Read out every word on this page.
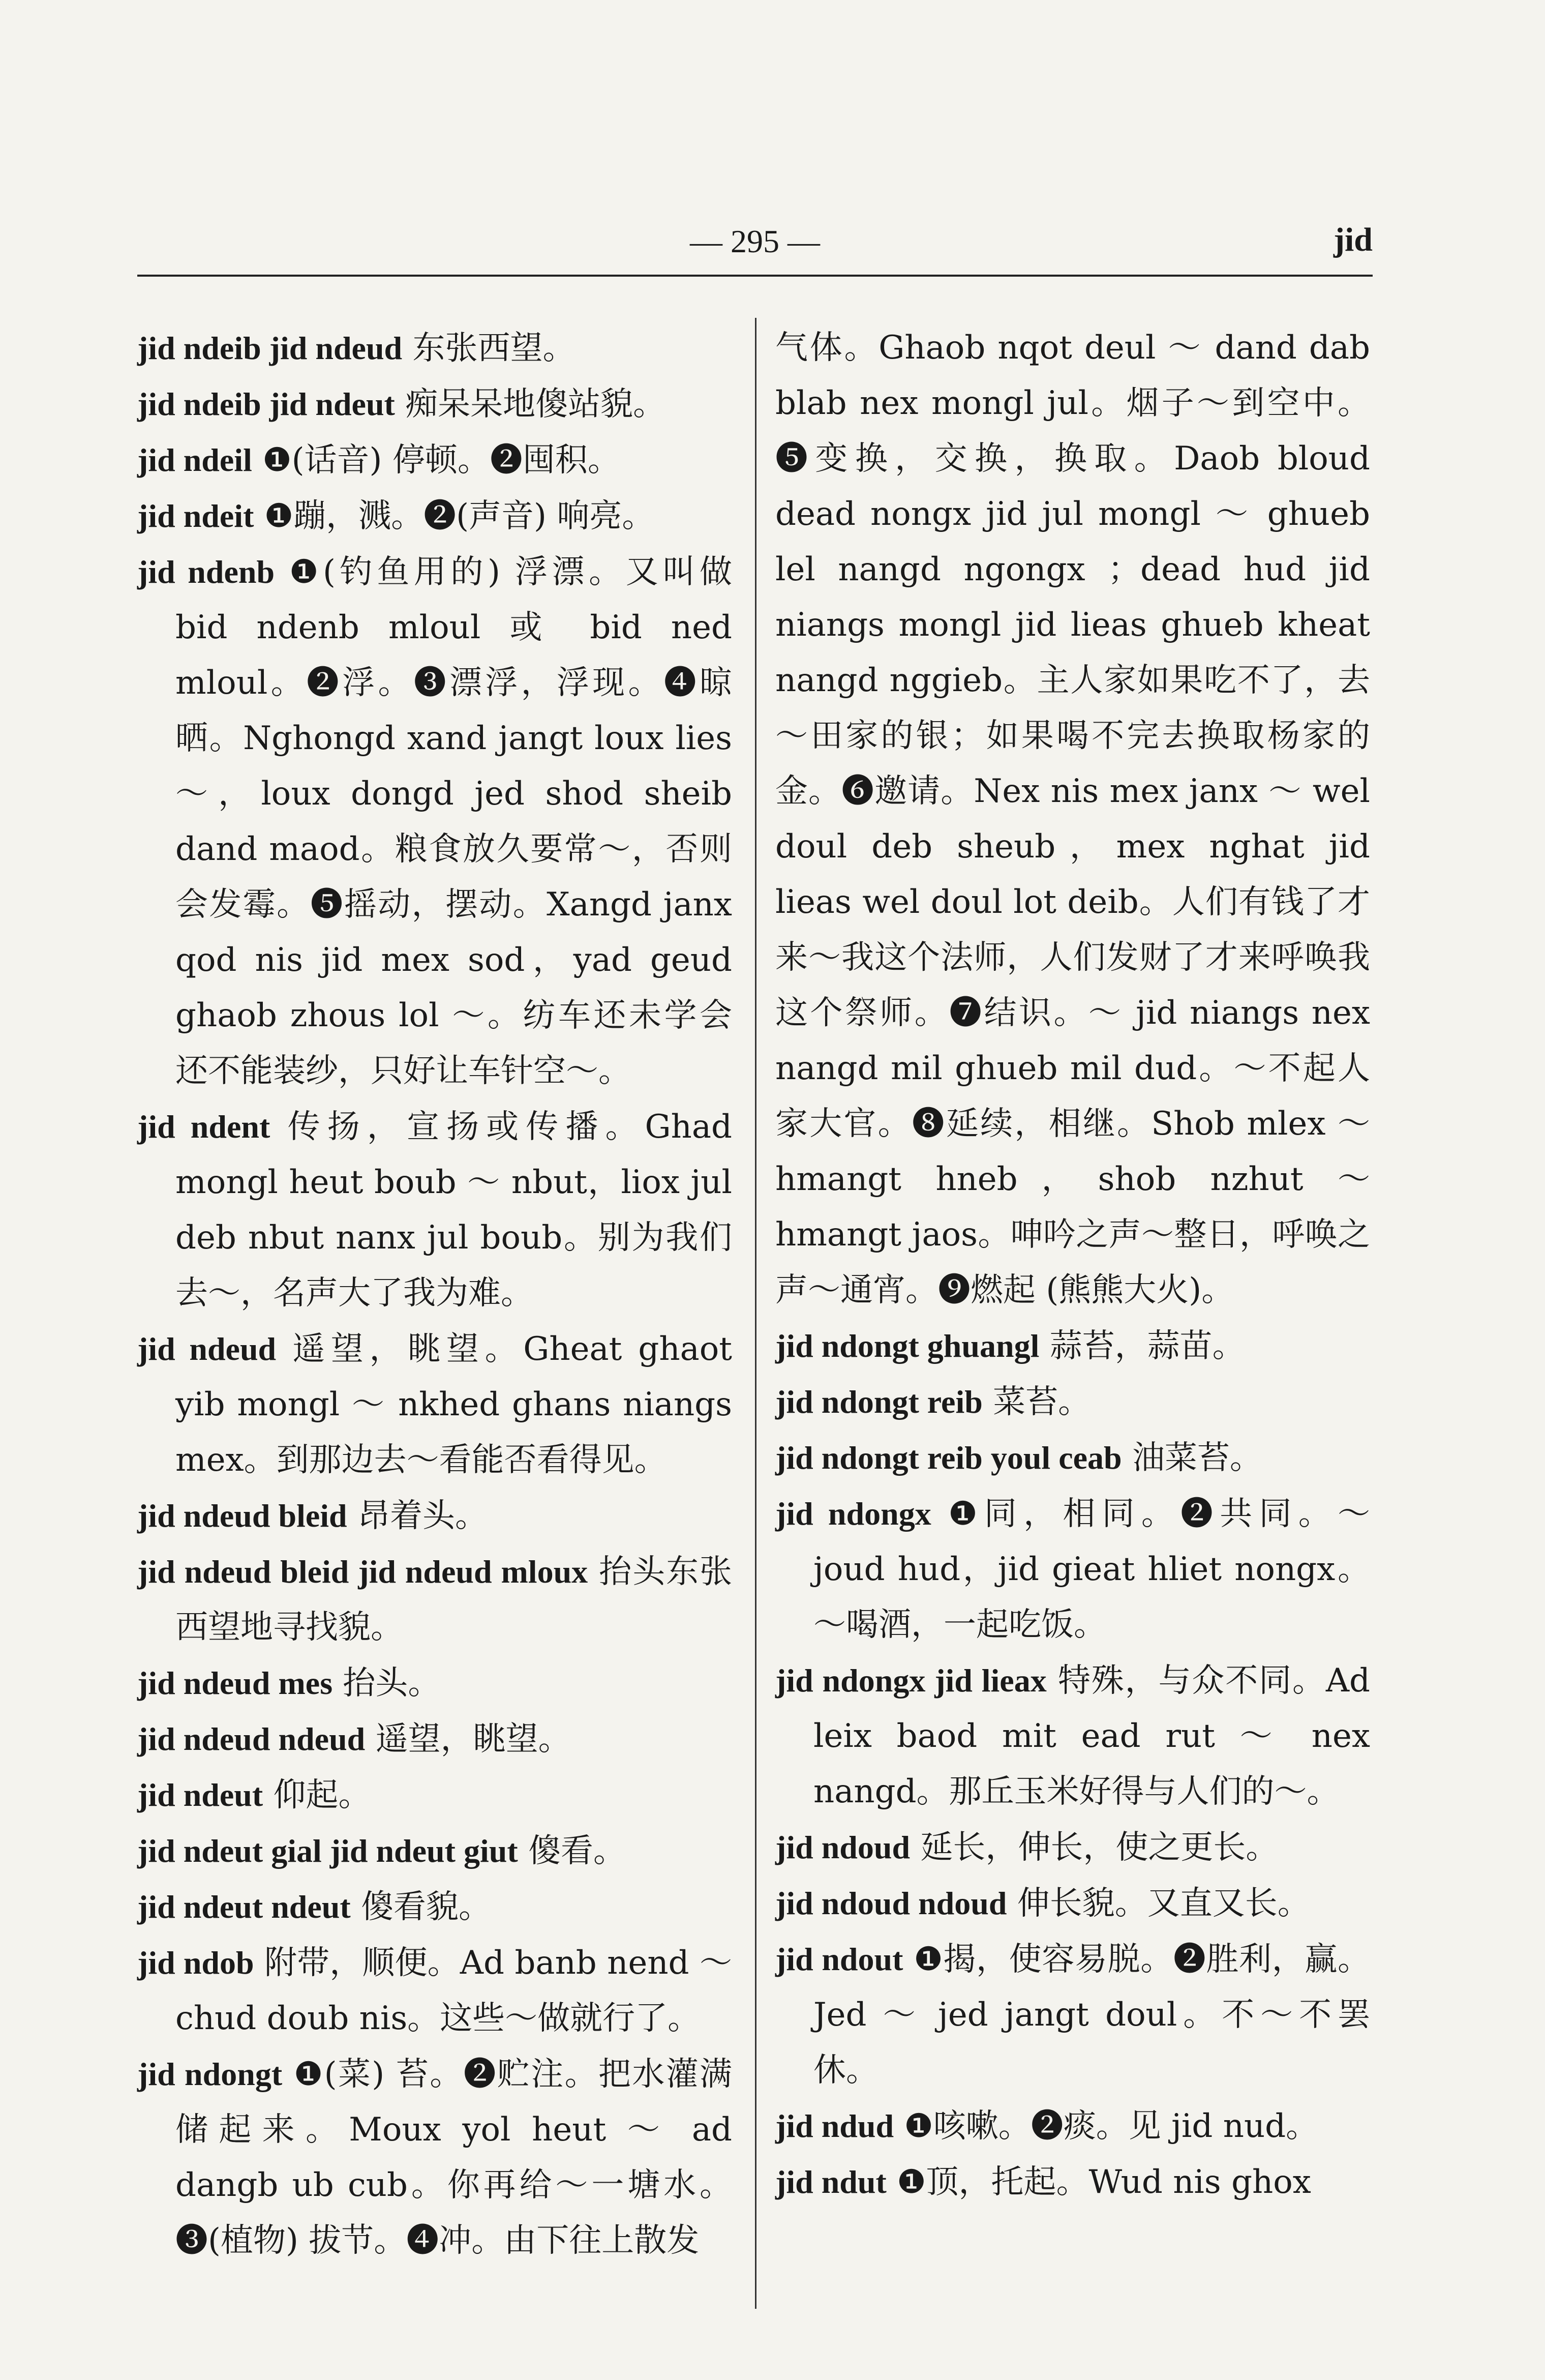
— 295 —	jid

jid ndeib jid ndeud 东张西望。

jid ndeib jid ndeut 痴呆呆地傻站貌。

jid ndeil ❶(话音) 停顿。❷囤积。

jid ndeit ❶蹦，溅。❷(声音) 响亮。

jid ndenb ❶(钓鱼用的) 浮漂。又叫做 bid ndenb mloul 或 bid ned mloul。❷浮。❸漂浮，浮现。❹晾晒。Nghongd xand jangt loux lies～，loux dongd jed shod sheib dand maod。粮食放久要常～，否则会发霉。❺摇动，摆动。Xangd janx qod nis jid mex sod，yad geud ghaob zhous lol ～。纺车还未学会还不能装纱，只好让车针空～。

jid ndent 传扬，宣扬或传播。Ghad mongl heut boub ～ nbut，liox jul deb nbut nanx jul boub。别为我们去～，名声大了我为难。

jid ndeud 遥望，眺望。Gheat ghaot yib mongl ～ nkhed ghans niangs mex。到那边去～看能否看得见。

jid ndeud bleid 昂着头。

jid ndeud bleid jid ndeud mloux 抬头东张西望地寻找貌。

jid ndeud mes 抬头。

jid ndeud ndeud 遥望，眺望。

jid ndeut 仰起。

jid ndeut gial jid ndeut giut 傻看。

jid ndeut ndeut 傻看貌。

jid ndob 附带，顺便。Ad banb nend ～ chud doub nis。这些～做就行了。

jid ndongt ❶(菜) 苔。❷贮注。把水灌满储起来。Moux yol heut ～ ad dangb ub cub。你再给～一塘水。❸(植物) 拔节。❹冲。由下往上散发

气体。Ghaob nqot deul ～ dand dab blab nex mongl jul。烟子～到空中。❺变换，交换，换取。Daob bloud dead nongx jid jul mongl ～ ghueb lel nangd ngongx ；dead hud jid niangs mongl jid lieas ghueb kheat nangd nggieb。主人家如果吃不了，去～田家的银；如果喝不完去换取杨家的金。❻邀请。Nex nis mex janx ～ wel doul deb sheub，mex nghat jid lieas wel doul lot deib。人们有钱了才来～我这个法师，人们发财了才来呼唤我这个祭师。❼结识。～ jid niangs nex nangd mil ghueb mil dud。～不起人家大官。❽延续，相继。Shob mlex ～ hmangt hneb，shob nzhut ～ hmangt jaos。呻吟之声～整日，呼唤之声～通宵。❾燃起 (熊熊大火)。

jid ndongt ghuangl 蒜苔，蒜苗。

jid ndongt reib 菜苔。

jid ndongt reib youl ceab 油菜苔。

jid ndongx ❶同，相同。❷共同。～ joud hud，jid gieat hliet nongx。～喝酒，一起吃饭。

jid ndongx jid lieax 特殊，与众不同。Ad leix baod mit ead rut ～ nex nangd。那丘玉米好得与人们的～。

jid ndoud 延长，伸长，使之更长。

jid ndoud ndoud 伸长貌。又直又长。

jid ndout ❶揭，使容易脱。❷胜利，赢。Jed ～ jed jangt doul。不～不罢休。

jid ndud ❶咳嗽。❷痰。见 jid nud。

jid ndut ❶顶，托起。Wud nis ghox
